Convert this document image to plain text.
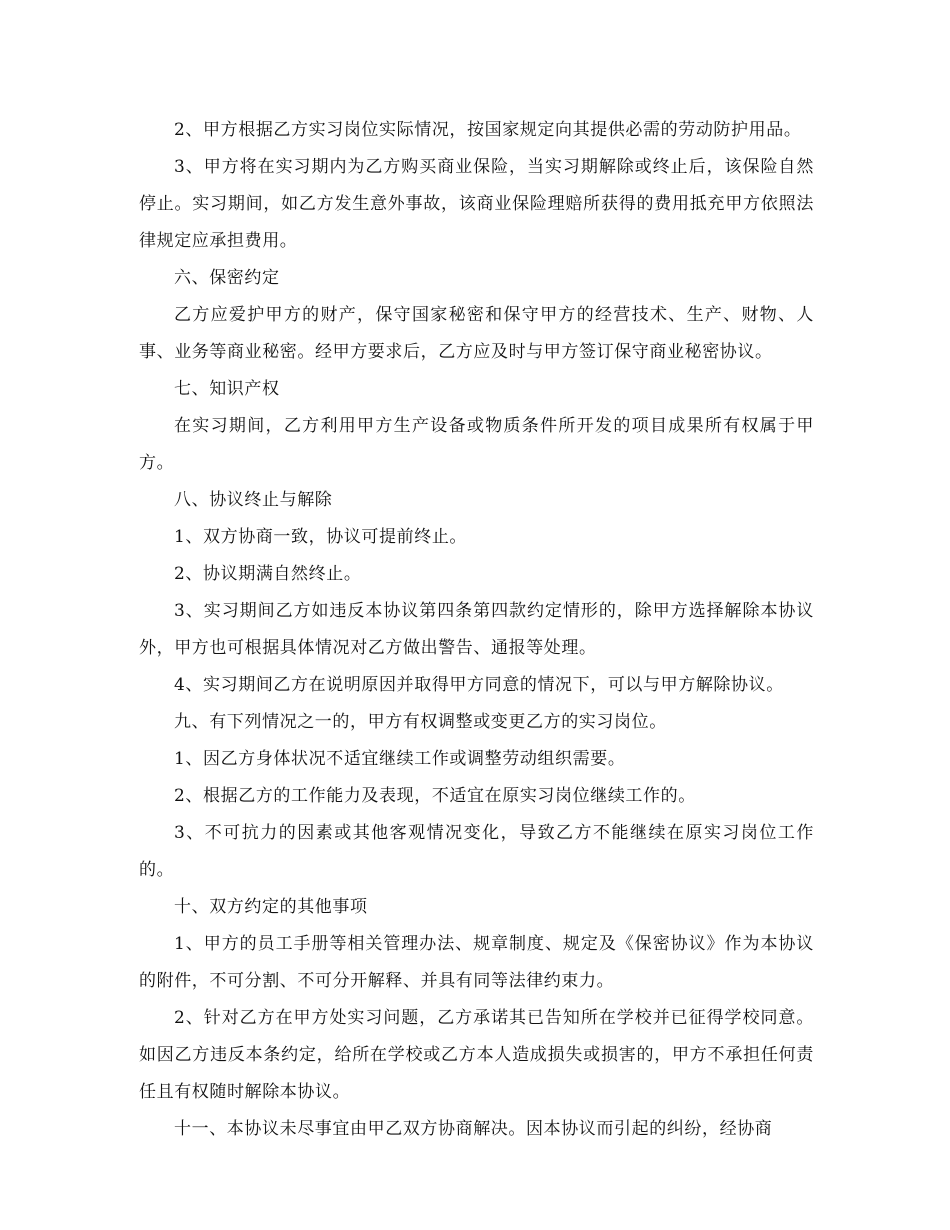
2、甲方根据乙方实习岗位实际情况，按国家规定向其提供必需的劳动防护用品。

3、甲方将在实习期内为乙方购买商业保险，当实习期解除或终止后，该保险自然停止。实习期间，如乙方发生意外事故，该商业保险理赔所获得的费用抵充甲方依照法律规定应承担费用。

六、保密约定

乙方应爱护甲方的财产，保守国家秘密和保守甲方的经营技术、生产、财物、人事、业务等商业秘密。经甲方要求后，乙方应及时与甲方签订保守商业秘密协议。

七、知识产权

在实习期间，乙方利用甲方生产设备或物质条件所开发的项目成果所有权属于甲方。

八、协议终止与解除

1、双方协商一致，协议可提前终止。

2、协议期满自然终止。

3、实习期间乙方如违反本协议第四条第四款约定情形的，除甲方选择解除本协议外，甲方也可根据具体情况对乙方做出警告、通报等处理。

4、实习期间乙方在说明原因并取得甲方同意的情况下，可以与甲方解除协议。

九、有下列情况之一的，甲方有权调整或变更乙方的实习岗位。

1、因乙方身体状况不适宜继续工作或调整劳动组织需要。

2、根据乙方的工作能力及表现，不适宜在原实习岗位继续工作的。

3、不可抗力的因素或其他客观情况变化，导致乙方不能继续在原实习岗位工作的。

十、双方约定的其他事项

1、甲方的员工手册等相关管理办法、规章制度、规定及《保密协议》作为本协议的附件，不可分割、不可分开解释、并具有同等法律约束力。

2、针对乙方在甲方处实习问题，乙方承诺其已告知所在学校并已征得学校同意。如因乙方违反本条约定，给所在学校或乙方本人造成损失或损害的，甲方不承担任何责任且有权随时解除本协议。

十一、本协议未尽事宜由甲乙双方协商解决。因本协议而引起的纠纷，经协商
